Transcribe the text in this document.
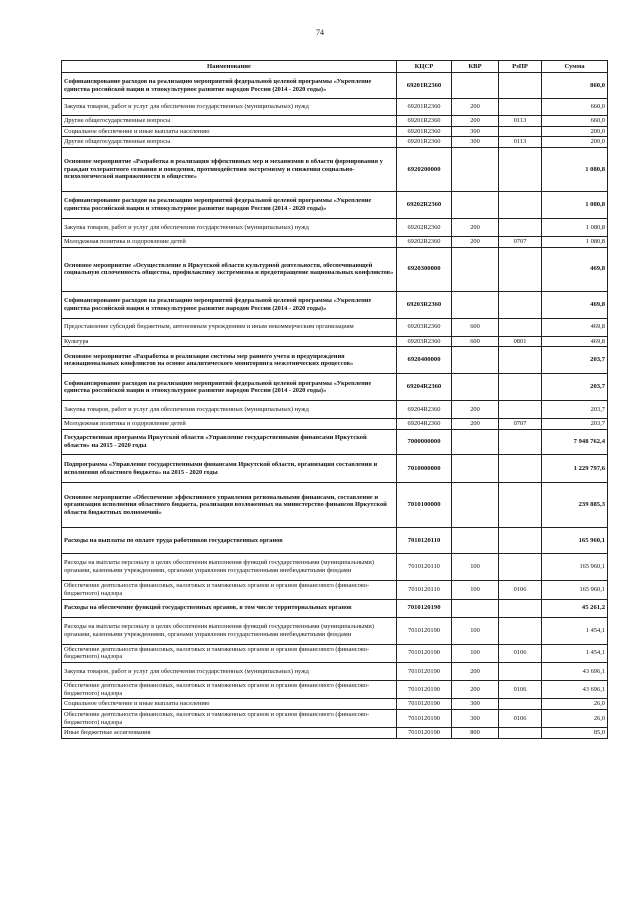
74
Наименование	КЦСР	КВР	РзПР	Сумма
Софинансирование расходов на реализацию мероприятий федеральной целевой программы «Укрепление единства российской нации и этнокультурное развитие народов России (2014 - 2020 годы)»	69201R2360			860,0
Закупка товаров, работ и услуг для обеспечения государственных (муниципальных) нужд	69201R2360	200		660,0
Другие общегосударственные вопросы	69201R2360	200	0113	660,0
Социальное обеспечение и иные выплаты населению	69201R2360	300		200,0
Другие общегосударственные вопросы	69201R2360	300	0113	200,0
Основное мероприятие «Разработка и реализация эффективных мер и механизмов в области формирования у граждан толерантного сознания и поведения, противодействия экстремизму и снижения социально-психологической напряженности в обществе»	6920200000			1 080,8
Софинансирование расходов на реализацию мероприятий федеральной целевой программы «Укрепление единства российской нации и этнокультурное развитие народов России (2014 - 2020 годы)»	69202R2360			1 080,8
Закупка товаров, работ и услуг для обеспечения государственных (муниципальных) нужд	69202R2360	200		1 080,8
Молодежная политика и оздоровление детей	69202R2360	200	0707	1 080,8
Основное мероприятие «Осуществление в Иркутской области культурной деятельности, обеспечивающей социальную сплоченность общества, профилактику экстремизма и предотвращение национальных конфликтов»	6920300000			469,8
Софинансирование расходов на реализацию мероприятий федеральной целевой программы «Укрепление единства российской нации и этнокультурное развитие народов России (2014 - 2020 годы)»	69203R2360			469,8
Предоставление субсидий бюджетным, автономным учреждениям и иным некоммерческим организациям	69203R2360	600		469,8
Культура	69203R2360	600	0801	469,8
Основное мероприятие «Разработка и реализация системы мер раннего учета и предупреждения межнациональных конфликтов на основе аналитического мониторинга межэтнических процессов»	6920400000			203,7
Софинансирование расходов на реализацию мероприятий федеральной целевой программы «Укрепление единства российской нации и этнокультурное развитие народов России (2014 - 2020 годы)»	69204R2360			203,7
Закупка товаров, работ и услуг для обеспечения государственных (муниципальных) нужд	69204R2360	200		203,7
Молодежная политика и оздоровление детей	69204R2360	200	0707	203,7
Государственная программа Иркутской области «Управление государственными финансами Иркутской области» на 2015 - 2020 годы	7000000000			7 948 762,4
Подпрограмма «Управление государственными финансами Иркутской области, организация составления и исполнения областного бюджета» на 2015 - 2020 годы	7010000000			1 229 797,6
Основное мероприятие «Обеспечение эффективного управления региональными финансами, составление и организация исполнения областного бюджета, реализация возложенных на министерство финансов Иркутской области бюджетных полномочий»	7010100000			239 885,3
Расходы на выплаты по оплате труда работников государственных органов	7010120110			165 960,1
Расходы на выплаты персоналу в целях обеспечения выполнения функций государственными (муниципальными) органами, казенными учреждениями, органами управления государственными внебюджетными фондами	7010120110	100		165 960,1
Обеспечение деятельности финансовых, налоговых и таможенных органов и органов финансового (финансово-бюджетного) надзора	7010120110	100	0106	165 960,1
Расходы на обеспечение функций государственных органов, в том числе территориальных органов	7010120190			45 261,2
Расходы на выплаты персоналу в целях обеспечения выполнения функций государственными (муниципальными) органами, казенными учреждениями, органами управления государственными внебюджетными фондами	7010120190	100		1 454,1
Обеспечение деятельности финансовых, налоговых и таможенных органов и органов финансового (финансово-бюджетного) надзора	7010120190	100	0106	1 454,1
Закупка товаров, работ и услуг для обеспечения государственных (муниципальных) нужд	7010120190	200		43 696,1
Обеспечение деятельности финансовых, налоговых и таможенных органов и органов финансового (финансово-бюджетного) надзора	7010120190	200	0106	43 696,1
Социальное обеспечение и иные выплаты населению	7010120190	300		26,0
Обеспечение деятельности финансовых, налоговых и таможенных органов и органов финансового (финансово-бюджетного) надзора	7010120190	300	0106	26,0
Иные бюджетные ассигнования	7010120190	800		85,0
